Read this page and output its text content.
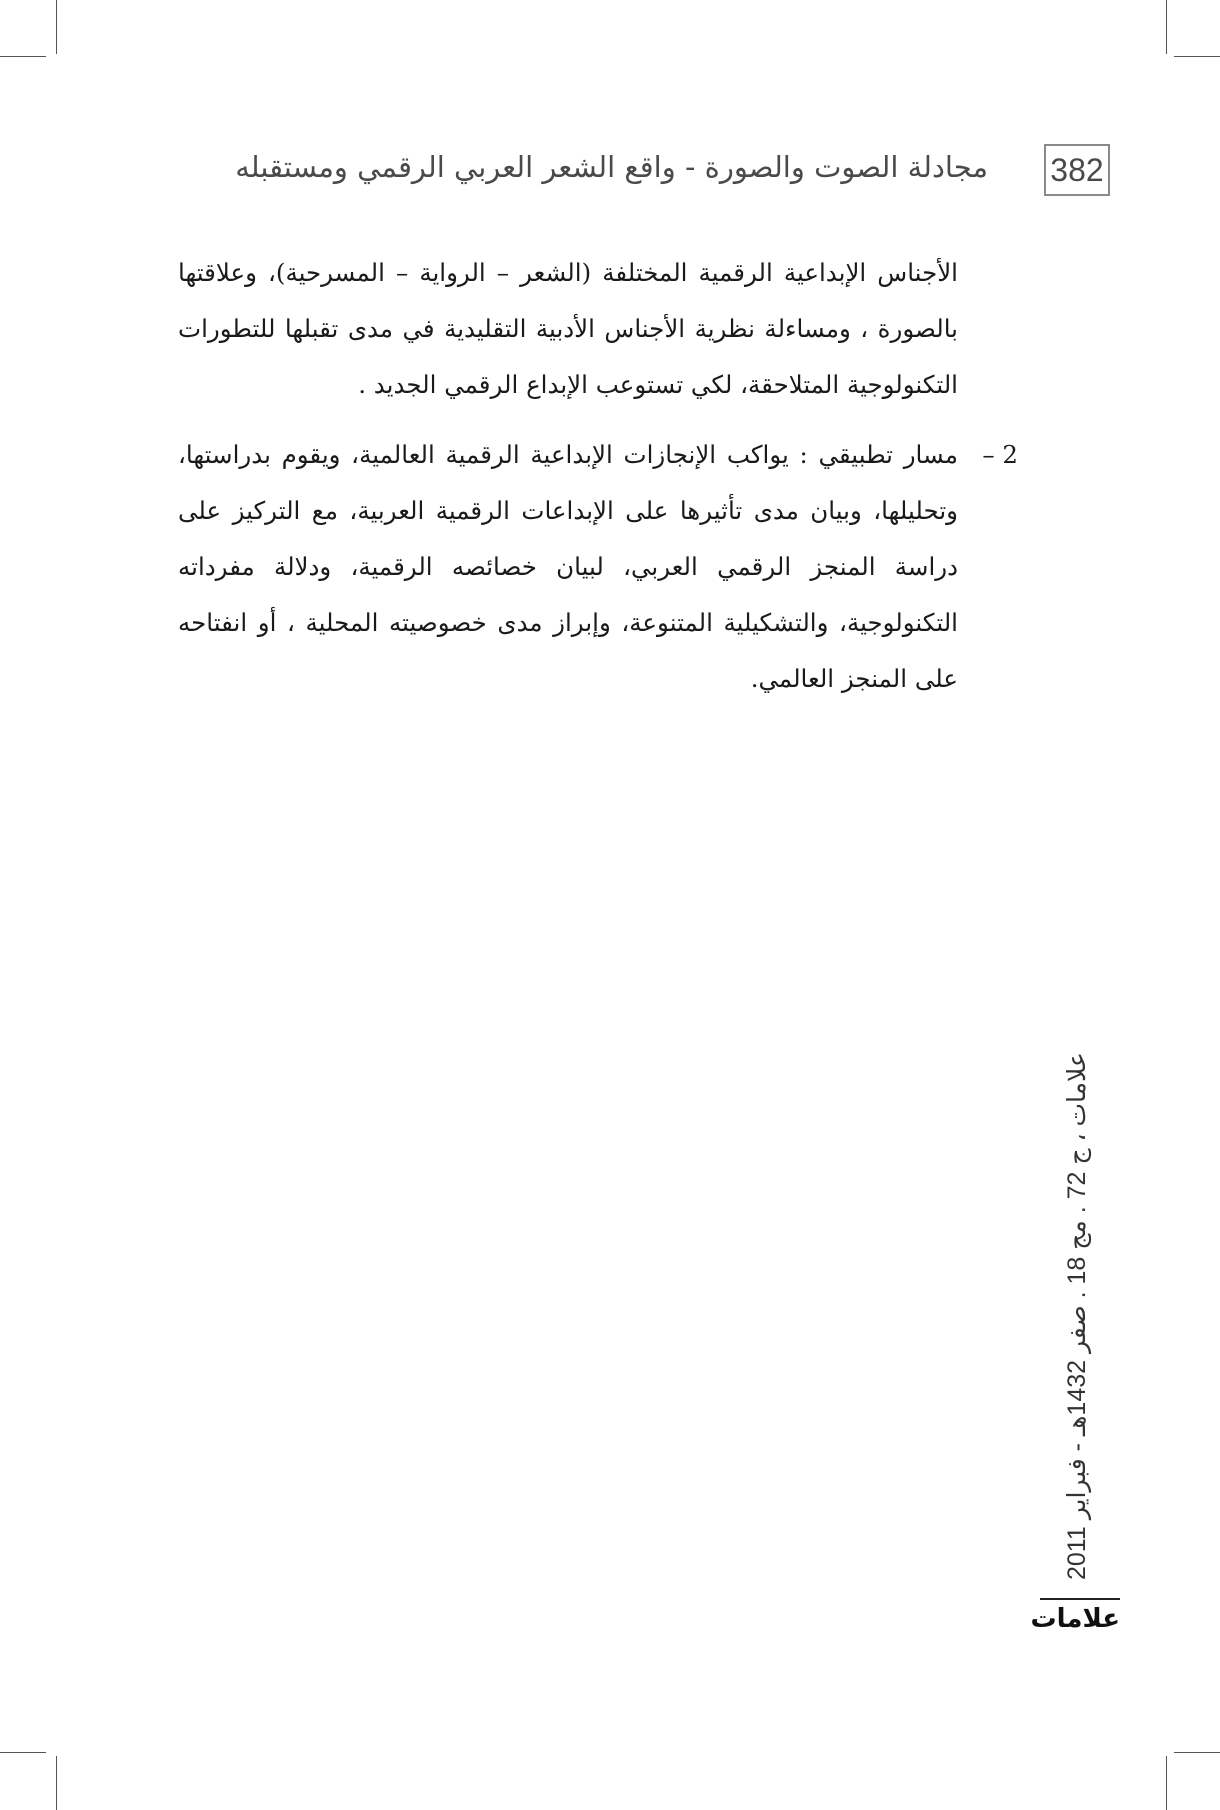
مجادلة الصوت والصورة - واقع الشعر العربي الرقمي ومستقبله 382

الأجناس الإبداعية الرقمية المختلفة (الشعر – الرواية – المسرحية)، وعلاقتها بالصورة ، ومساءلة نظرية الأجناس الأدبية التقليدية في مدى تقبلها للتطورات التكنولوجية المتلاحقة، لكي تستوعب الإبداع الرقمي الجديد .

2 –

مسار تطبيقي : يواكب الإنجازات الإبداعية الرقمية العالمية، ويقوم بدراستها، وتحليلها، وبيان مدى تأثيرها على الإبداعات الرقمية العربية، مع التركيز على دراسة المنجز الرقمي العربي، لبيان خصائصه الرقمية، ودلالة مفرداته التكنولوجية، والتشكيلية المتنوعة، وإبراز مدى خصوصيته المحلية ، أو انفتاحه على المنجز العالمي.

علامات ، ج 72 . مج 18 . صفر 1432هـ - فبراير 2011
علامات
